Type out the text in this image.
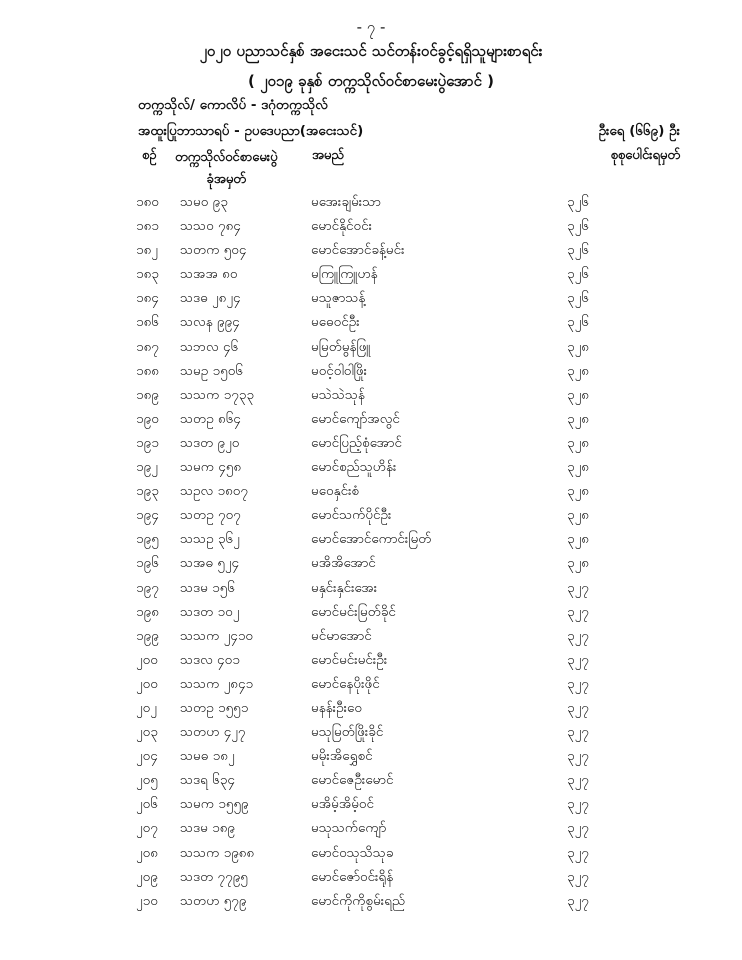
- ၇ -
၂၀၂၀ ပညာသင်နှစ် အငေးသင် သင်တန်းဝင်ခွင့်ရရှိသူများစာရင်း
( ၂၀၁၉ ခုနှစ် တက္ကသိုလ်ဝင်စာမေးပွဲအောင် )
တက္ကသိုလ်/ ကောလိပ် - ဒဂုံတက္ကသိုလ်
အထူးပြုဘာသာရပ် - ဥပဒေပညာ(အငေးသင်)	ဦးရေ (၆၆၉) ဦး
စဉ် တက္ကသိုလ်ဝင်စာမေးပွဲ
ခုံအမှတ်
အမည်	စုစုပေါင်းရမှတ်
၁၈၀ သမဝ ၉၃	မအေးချမ်းသာ	၃၂၆
၁၈၁ သသဝ ၇၈၄	မောင်နိုင်ဝင်း	၃၂၆
၁၈၂ သတက ၅၀၄	မောင်အောင်ခန့်မင်း	၃၂၆
၁၈၃ သအအ ၈၀	မကြူကြူဟန်	၃၂၆
၁၈၄ သဒဓ ၂၈၂၄	မသူဇာသန့်	၃၂၆
၁၈၆ သလန ၉၉၄	မဓေဝင်ဦး	၃၂၆
၁၈၇ သဘလ ၄၆	မမြတ်မွန်ဖြူ	၃၂၈
၁၈၈ သမဥ ၁၅၀၆	မဝင့်ဝါဝါဖြိုး	၃၂၈
၁၈၉ သသက ၁၇၃၃	မသဲသဲသုန်	၃၂၈
၁၉၀ သတဥ ၈၆၄	မောင်ကျော်အလွင်	၃၂၈
၁၉၁ သဒတ ၉၂၀	မောင်ပြည့်စုံအောင်	၃၂၈
၁၉၂ သမက ၄၅၈	မောင်စည်သူဟိန်း	၃၂၈
၁၉၃ သဥလ ၁၈၀၇	မဝေနှင်းစံ	၃၂၈
၁၉၄ သတဥ ၇၀၇	မောင်သက်ပိုင်ဦး	၃၂၈
၁၉၅ သသဥ ၃၆၂	မောင်အောင်ကောင်းမြတ်	၃၂၈
၁၉၆ သအဓ ၅၂၄	မအိအိအောင်	၃၂၈
၁၉၇ သဒမ ၁၅၆	မနှင်းနှင်းအေး	၃၂၇
၁၉၈ သဒတ ၁၀၂	မောင်မင်းမြတ်ခိုင်	၃၂၇
၁၉၉ သသက ၂၄၁၀	မင်မာအောင်	၃၂၇
၂၀၀ သဒလ ၄၀၁	မောင်မင်းမင်းဦး	၃၂၇
၂၀၀ သသက ၂၈၄၁	မောင်နေပိုးဖိုင်	၃၂၇
၂၀၂ သတဥ ၁၅၅၁	မနန်းဦးဝေ	၃၂၇
၂၀၃ သတဟ ၄၂၇	မသုမြတ်ဖြိုးခိုင်	၃၂၇
၂၀၄ သမဓ ၁၈၂	မမိုးအိရွှေစင်	၃၂၇
၂၀၅ သဒရ ၆၃၄	မောင်ဇေဦးမောင်	၃၂၇
၂၀၆ သမက ၁၅၅၉	မအိမ့်အိမ့်ဝင်	၃၂၇
၂၀၇ သဒမ ၁၈၉	မသုသက်ကျော်	၃၂၇
၂၀၈ သသက ၁၉၈၈	မောင်ဝသုသိသုခ	၃၂၇
၂၀၉ သဒတ ၇၇၉၅	မောင်ဇော်ဝင်းရိုန်	၃၂၇
၂၁၀ သတဟ ၅၇၉	မောင်ကိုကိုစွမ်းရည်	၃၂၇
